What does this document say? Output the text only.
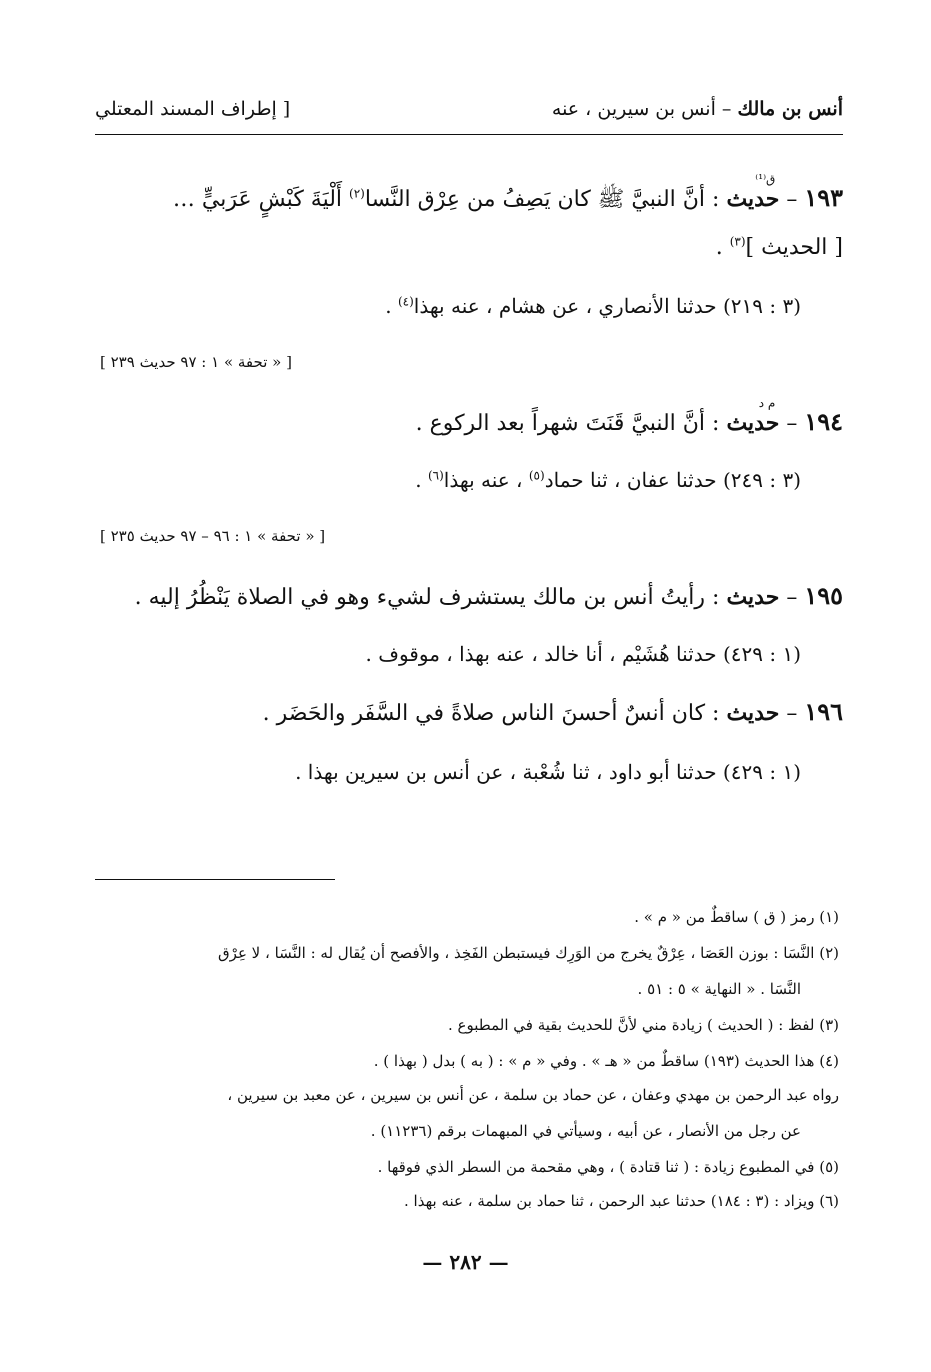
أنس بن مالك – أنس بن سيرين ، عنه
[ إطراف المسند المعتلي
١٩٣ –
ق⁽¹⁾
حديث : أنَّ النبيَّ ﷺ كان يَصِفُ من عِرْق النَّسا$^{(٢)}$ أَلْيَةَ كَبْشٍ عَرَبيٍّ …
[ الحديث ]$^{(٣)}$ .
(٣ : ٢١٩) حدثنا الأنصاري ، عن هشام ، عنه بهذا$^{(٤)}$ .
[ « تحفة » ١ : ٩٧ حديث ٢٣٩ ]
١٩٤ –
م د
حديث : أنَّ النبيَّ قَنَتَ شهراً بعد الركوع .
(٣ : ٢٤٩) حدثنا عفان ، ثنا حماد$^{(٥)}$ ، عنه بهذا$^{(٦)}$ .
[ « تحفة » ١ : ٩٦ – ٩٧ حديث ٢٣٥ ]
١٩٥ – حديث : رأيتُ أنس بن مالك يستشرف لشيء وهو في الصلاة يَنْظُرُ إليه .
(١ : ٤٢٩) حدثنا هُشَيْم ، أنا خالد ، عنه بهذا ، موقوف .
١٩٦ – حديث : كان أنسٌ أحسنَ الناس صلاةً في السَّفَر والحَضَر .
(١ : ٤٢٩) حدثنا أبو داود ، ثنا شُعْبة ، عن أنس بن سيرين بهذا .
(١) رمز ( ق ) ساقطٌ من « م » .
(٢) النَّسَا : بوزن العَصَا ، عِرْقٌ يخرج من الوَرِك فيستبطن الفَخِذ ، والأفصح أن يُقال له : النَّسَا ، لا عِرْق
النَّسَا . « النهاية » ٥ : ٥١ .
(٣) لفظ : ( الحديث ) زيادة مني لأنَّ للحديث بقية في المطبوع .
(٤) هذا الحديث (١٩٣) ساقطٌ من « هـ » . وفي « م » : ( به ) بدل ( بهذا ) .
رواه عبد الرحمن بن مهدي وعفان ، عن حماد بن سلمة ، عن أنس بن سيرين ، عن معبد بن سيرين ،
عن رجل من الأنصار ، عن أبيه ، وسيأتي في المبهمات برقم (١١٢٣٦) .
(٥) في المطبوع زيادة : ( ثنا قتادة ) ، وهي مقحمة من السطر الذي فوقها .
(٦) ويزاد : (٣ : ١٨٤) حدثنا عبد الرحمن ، ثنا حماد بن سلمة ، عنه بهذا .
— ٢٨٢ —
